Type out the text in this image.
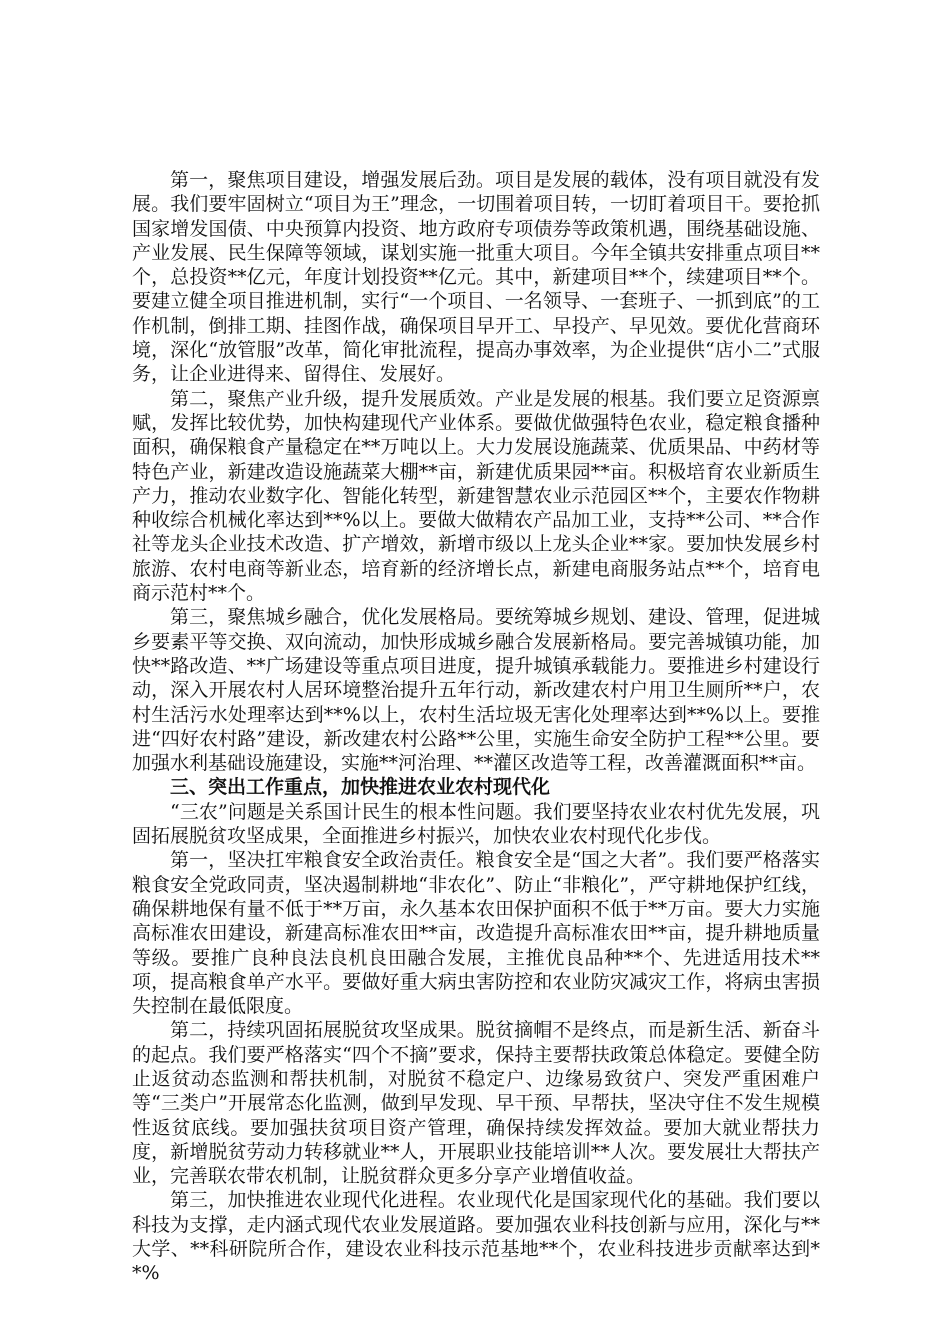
第一，聚焦项目建设，增强发展后劲。项目是发展的载体，没有项目就没有发展。我们要牢固树立“项目为王”理念，一切围着项目转，一切盯着项目干。要抢抓国家增发国债、中央预算内投资、地方政府专项债券等政策机遇，围绕基础设施、产业发展、民生保障等领域，谋划实施一批重大项目。今年全镇共安排重点项目**个，总投资**亿元，年度计划投资**亿元。其中，新建项目**个，续建项目**个。要建立健全项目推进机制，实行“一个项目、一名领导、一套班子、一抓到底”的工作机制，倒排工期、挂图作战，确保项目早开工、早投产、早见效。要优化营商环境，深化“放管服”改革，简化审批流程，提高办事效率，为企业提供“店小二”式服务，让企业进得来、留得住、发展好。

第二，聚焦产业升级，提升发展质效。产业是发展的根基。我们要立足资源禀赋，发挥比较优势，加快构建现代产业体系。要做优做强特色农业，稳定粮食播种面积，确保粮食产量稳定在**万吨以上。大力发展设施蔬菜、优质果品、中药材等特色产业，新建改造设施蔬菜大棚**亩，新建优质果园**亩。积极培育农业新质生产力，推动农业数字化、智能化转型，新建智慧农业示范园区**个，主要农作物耕种收综合机械化率达到**%以上。要做大做精农产品加工业，支持**公司、**合作社等龙头企业技术改造、扩产增效，新增市级以上龙头企业**家。要加快发展乡村旅游、农村电商等新业态，培育新的经济增长点，新建电商服务站点**个，培育电商示范村**个。

第三，聚焦城乡融合，优化发展格局。要统筹城乡规划、建设、管理，促进城乡要素平等交换、双向流动，加快形成城乡融合发展新格局。要完善城镇功能，加快**路改造、**广场建设等重点项目进度，提升城镇承载能力。要推进乡村建设行动，深入开展农村人居环境整治提升五年行动，新改建农村户用卫生厕所**户，农村生活污水处理率达到**%以上，农村生活垃圾无害化处理率达到**%以上。要推进“四好农村路”建设，新改建农村公路**公里，实施生命安全防护工程**公里。要加强水利基础设施建设，实施**河治理、**灌区改造等工程，改善灌溉面积**亩。

三、突出工作重点，加快推进农业农村现代化

“三农”问题是关系国计民生的根本性问题。我们要坚持农业农村优先发展，巩固拓展脱贫攻坚成果，全面推进乡村振兴，加快农业农村现代化步伐。

第一，坚决扛牢粮食安全政治责任。粮食安全是“国之大者”。我们要严格落实粮食安全党政同责，坚决遏制耕地“非农化”、防止“非粮化”，严守耕地保护红线，确保耕地保有量不低于**万亩，永久基本农田保护面积不低于**万亩。要大力实施高标准农田建设，新建高标准农田**亩，改造提升高标准农田**亩，提升耕地质量等级。要推广良种良法良机良田融合发展，主推优良品种**个、先进适用技术**项，提高粮食单产水平。要做好重大病虫害防控和农业防灾减灾工作，将病虫害损失控制在最低限度。

第二，持续巩固拓展脱贫攻坚成果。脱贫摘帽不是终点，而是新生活、新奋斗的起点。我们要严格落实“四个不摘”要求，保持主要帮扶政策总体稳定。要健全防止返贫动态监测和帮扶机制，对脱贫不稳定户、边缘易致贫户、突发严重困难户等“三类户”开展常态化监测，做到早发现、早干预、早帮扶，坚决守住不发生规模性返贫底线。要加强扶贫项目资产管理，确保持续发挥效益。要加大就业帮扶力度，新增脱贫劳动力转移就业**人，开展职业技能培训**人次。要发展壮大帮扶产业，完善联农带农机制，让脱贫群众更多分享产业增值收益。

第三，加快推进农业现代化进程。农业现代化是国家现代化的基础。我们要以科技为支撑，走内涵式现代农业发展道路。要加强农业科技创新与应用，深化与**大学、**科研院所合作，建设农业科技示范基地**个，农业科技进步贡献率达到**%
